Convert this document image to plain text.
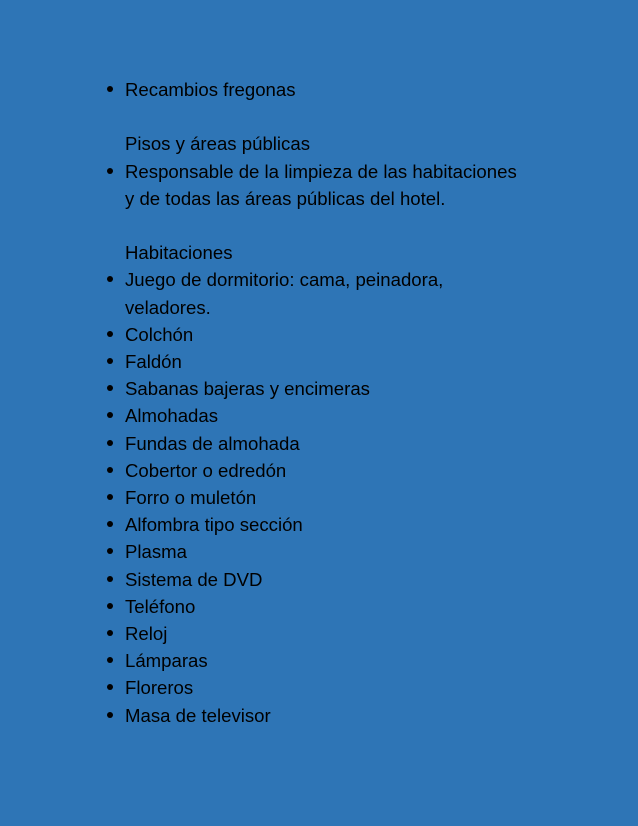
Recambios fregonas
Pisos y áreas públicas
Responsable de la limpieza de las habitaciones y de todas las áreas públicas del hotel.
Habitaciones
Juego de dormitorio: cama, peinadora, veladores.
Colchón
Faldón
Sabanas bajeras y encimeras
Almohadas
Fundas de almohada
Cobertor o edredón
Forro o muletón
Alfombra tipo sección
Plasma
Sistema de DVD
Teléfono
Reloj
Lámparas
Floreros
Masa de televisor
